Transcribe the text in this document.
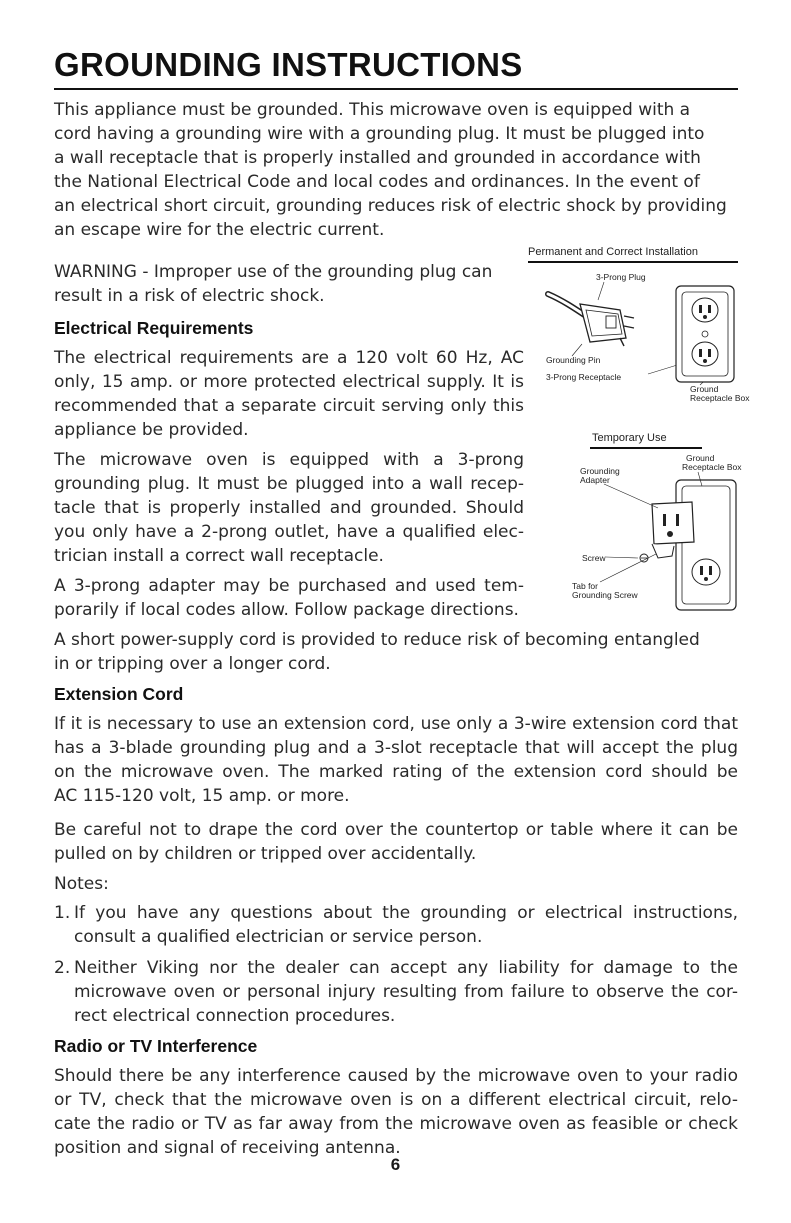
GROUNDING INSTRUCTIONS
This appliance must be grounded. This microwave oven is equipped with a
cord having a grounding wire with a grounding plug. It must be plugged into
a wall receptacle that is properly installed and grounded in accordance with
the National Electrical Code and local codes and ordinances. In the event of
an electrical short circuit, grounding reduces risk of electric shock by providing
an escape wire for the electric current.
WARNING - Improper use of the grounding plug can
result in a risk of electric shock.
Electrical Requirements
The electrical requirements are a 120 volt 60 Hz, AC
only, 15 amp. or more protected electrical supply. It is
recommended that a separate circuit serving only this
appliance be provided.
The microwave oven is equipped with a 3-prong
grounding plug. It must be plugged into a wall recep-
tacle that is properly installed and grounded. Should
you only have a 2-prong outlet, have a qualified elec-
trician install a correct wall receptacle.
A 3-prong adapter may be purchased and used tem-
porarily if local codes allow. Follow package directions.
A short power-supply cord is provided to reduce risk of becoming entangled
in or tripping over a longer cord.
Extension Cord
If it is necessary to use an extension cord, use only a 3-wire extension cord that
has a 3-blade grounding plug and a 3-slot receptacle that will accept the plug
on the microwave oven. The marked rating of the extension cord should be
AC 115-120 volt, 15 amp. or more.
Be careful not to drape the cord over the countertop or table where it can be
pulled on by children or tripped over accidentally.
Notes:
1. If you have any questions about the grounding or electrical instructions,
consult a qualified electrician or service person.
2. Neither Viking nor the dealer can accept any liability for damage to the
microwave oven or personal injury resulting from failure to observe the cor-
rect electrical connection procedures.
Radio or TV Interference
Should there be any interference caused by the microwave oven to your radio
or TV, check that the microwave oven is on a different electrical circuit, relo-
cate the radio or TV as far away from the microwave oven as feasible or check
position and signal of receiving antenna.
6
Permanent and Correct Installation
3-Prong Plug
Grounding Pin
3-Prong Receptacle
Ground
Receptacle Box
Temporary Use
Ground
Receptacle Box
Grounding
Adapter
Screw
Tab for
Grounding Screw
